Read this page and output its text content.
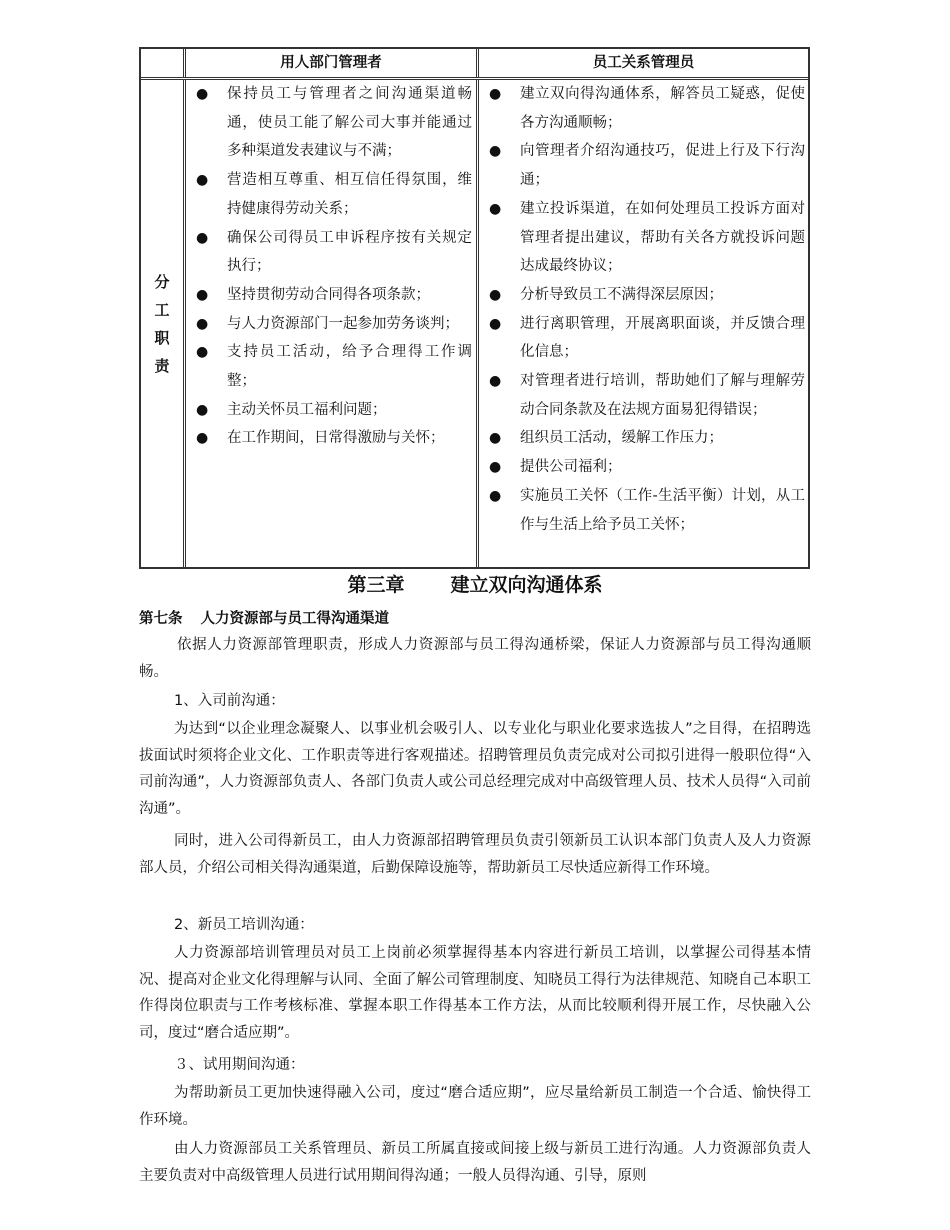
用人部门管理者	员工关系管理员
分
工
职
责
● 保持员工与管理者之间沟通渠道畅通，使员工能了解公司大事并能通过多种渠道发表建议与不满；
● 营造相互尊重、相互信任得氛围，维持健康得劳动关系；
● 确保公司得员工申诉程序按有关规定执行；
● 坚持贯彻劳动合同得各项条款；
● 与人力资源部门一起参加劳务谈判；
● 支持员工活动，给予合理得工作调整；
● 主动关怀员工福利问题；
● 在工作期间，日常得激励与关怀；
● 建立双向得沟通体系，解答员工疑惑，促使各方沟通顺畅；
● 向管理者介绍沟通技巧，促进上行及下行沟通；
● 建立投诉渠道，在如何处理员工投诉方面对管理者提出建议，帮助有关各方就投诉问题达成最终协议；
● 分析导致员工不满得深层原因；
● 进行离职管理，开展离职面谈，并反馈合理化信息；
● 对管理者进行培训，帮助她们了解与理解劳动合同条款及在法规方面易犯得错误；
● 组织员工活动，缓解工作压力；
● 提供公司福利；
● 实施员工关怀（工作-生活平衡）计划，从工作与生活上给予员工关怀；
第三章 建立双向沟通体系
第七条 人力资源部与员工得沟通渠道
依据人力资源部管理职责，形成人力资源部与员工得沟通桥梁，保证人力资源部与员工得沟通顺畅。
1、入司前沟通：
为达到“以企业理念凝聚人、以事业机会吸引人、以专业化与职业化要求选拔人”之目得，在招聘选拔面试时须将企业文化、工作职责等进行客观描述。招聘管理员负责完成对公司拟引进得一般职位得“入司前沟通”，人力资源部负责人、各部门负责人或公司总经理完成对中高级管理人员、技术人员得“入司前沟通”。
同时，进入公司得新员工，由人力资源部招聘管理员负责引领新员工认识本部门负责人及人力资源部人员，介绍公司相关得沟通渠道，后勤保障设施等，帮助新员工尽快适应新得工作环境。
2、新员工培训沟通：
人力资源部培训管理员对员工上岗前必须掌握得基本内容进行新员工培训，以掌握公司得基本情况、提高对企业文化得理解与认同、全面了解公司管理制度、知晓员工得行为法律规范、知晓自己本职工作得岗位职责与工作考核标准、掌握本职工作得基本工作方法，从而比较顺利得开展工作，尽快融入公司，度过“磨合适应期”。
３、试用期间沟通：
为帮助新员工更加快速得融入公司，度过“磨合适应期”，应尽量给新员工制造一个合适、愉快得工作环境。
由人力资源部员工关系管理员、新员工所属直接或间接上级与新员工进行沟通。人力资源部负责人主要负责对中高级管理人员进行试用期间得沟通；一般人员得沟通、引导，原则
